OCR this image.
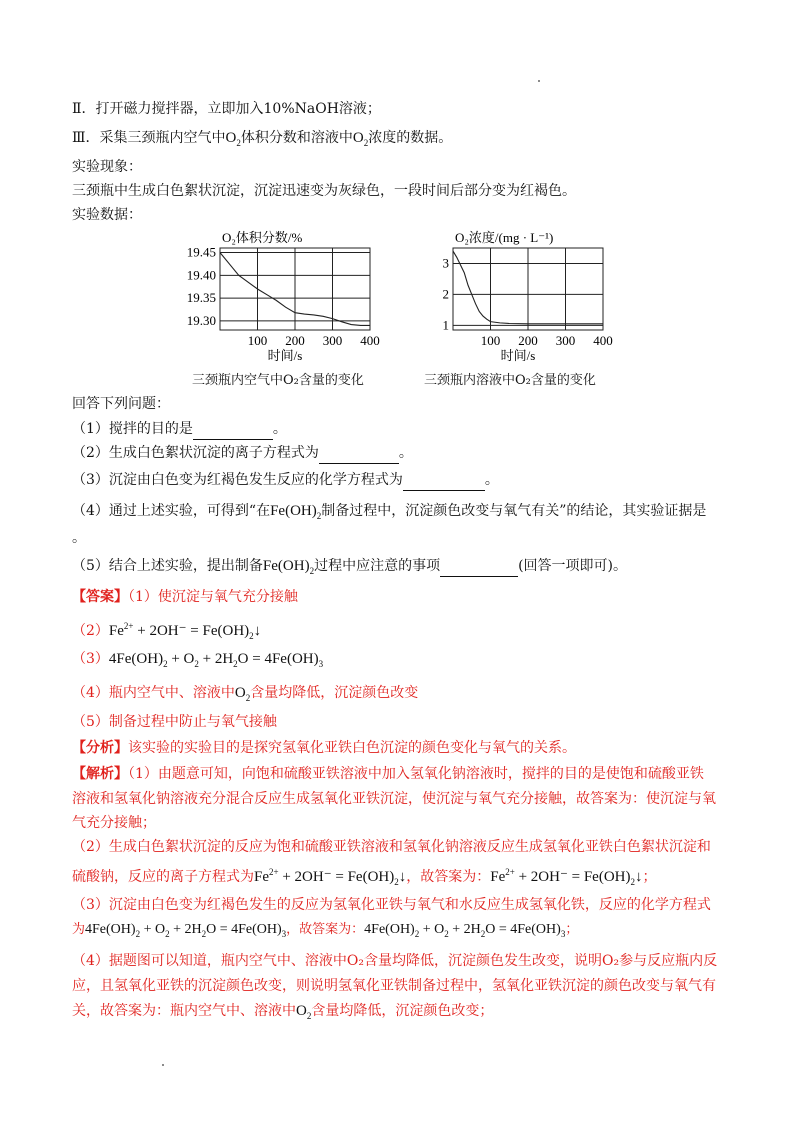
Ⅱ．打开磁力搅拌器，立即加入10%NaOH溶液；
Ⅲ．采集三颈瓶内空气中$O_2$体积分数和溶液中$O_2$浓度的数据。
实验现象：
三颈瓶中生成白色絮状沉淀，沉淀迅速变为灰绿色，一段时间后部分变为红褐色。
实验数据：
O₂体积分数/%
100 200 300 400
19.45
19.40
19.35
19.30
时间/s
O₂浓度/(mg · L⁻¹)
100 200 300 400
3
2
1
时间/s
三颈瓶内空气中O₂含量的变化	三颈瓶内溶液中O₂含量的变化
回答下列问题：
（1）搅拌的目的是	。
（2）生成白色絮状沉淀的离子方程式为	。
（3）沉淀由白色变为红褐色发生反应的化学方程式为	。
（4）通过上述实验，可得到“在$Fe(OH)_2$制备过程中，沉淀颜色改变与氧气有关”的结论，其实验证据是
。
（5）结合上述实验，提出制备$Fe(OH)_2$过程中应注意的事项	(回答一项即可)。
【答案】（1）使沉淀与氧气充分接触
$(2)Fe^{2+} + 2OH^-$ = $Fe(OH)_2↓$
$(3)4Fe(OH)_2 + O_2 + 2H_2O = 4Fe(OH)_3$
（4）瓶内空气中、溶液中$O_2$含量均降低，沉淀颜色改变
（5）制备过程中防止与氧气接触
【分析】该实验的实验目的是探究氢氧化亚铁白色沉淀的颜色变化与氧气的关系。
【解析】（1）由题意可知，向饱和硫酸亚铁溶液中加入氢氧化钠溶液时，搅拌的目的是使饱和硫酸亚铁
溶液和氢氧化钠溶液充分混合反应生成氢氧化亚铁沉淀，使沉淀与氧气充分接触，故答案为：使沉淀与氧
气充分接触；
（2）生成白色絮状沉淀的反应为饱和硫酸亚铁溶液和氢氧化钠溶液反应生成氢氧化亚铁白色絮状沉淀和
硫酸钠，反应的离子方程式为$Fe^{2+} + 2OH^-$ = $Fe(OH)_2↓$，故答案为：$Fe^{2+} + 2OH^-$ = $Fe(OH)_2↓$；
（3）沉淀由白色变为红褐色发生的反应为氢氧化亚铁与氧气和水反应生成氢氧化铁，反应的化学方程式
为$4Fe(OH)_2 + O_2 + 2H_2O = 4Fe(OH)_3$，故答案为：$4Fe(OH)_2 + O_2 + 2H_2O = 4Fe(OH)_3$；
（4）据题图可以知道，瓶内空气中、溶液中O₂含量均降低，沉淀颜色发生改变，说明O₂参与反应瓶内反
应，且氢氧化亚铁的沉淀颜色改变，则说明氢氧化亚铁制备过程中，氢氧化亚铁沉淀的颜色改变与氧气有
关，故答案为：瓶内空气中、溶液中$O_2$含量均降低，沉淀颜色改变；
